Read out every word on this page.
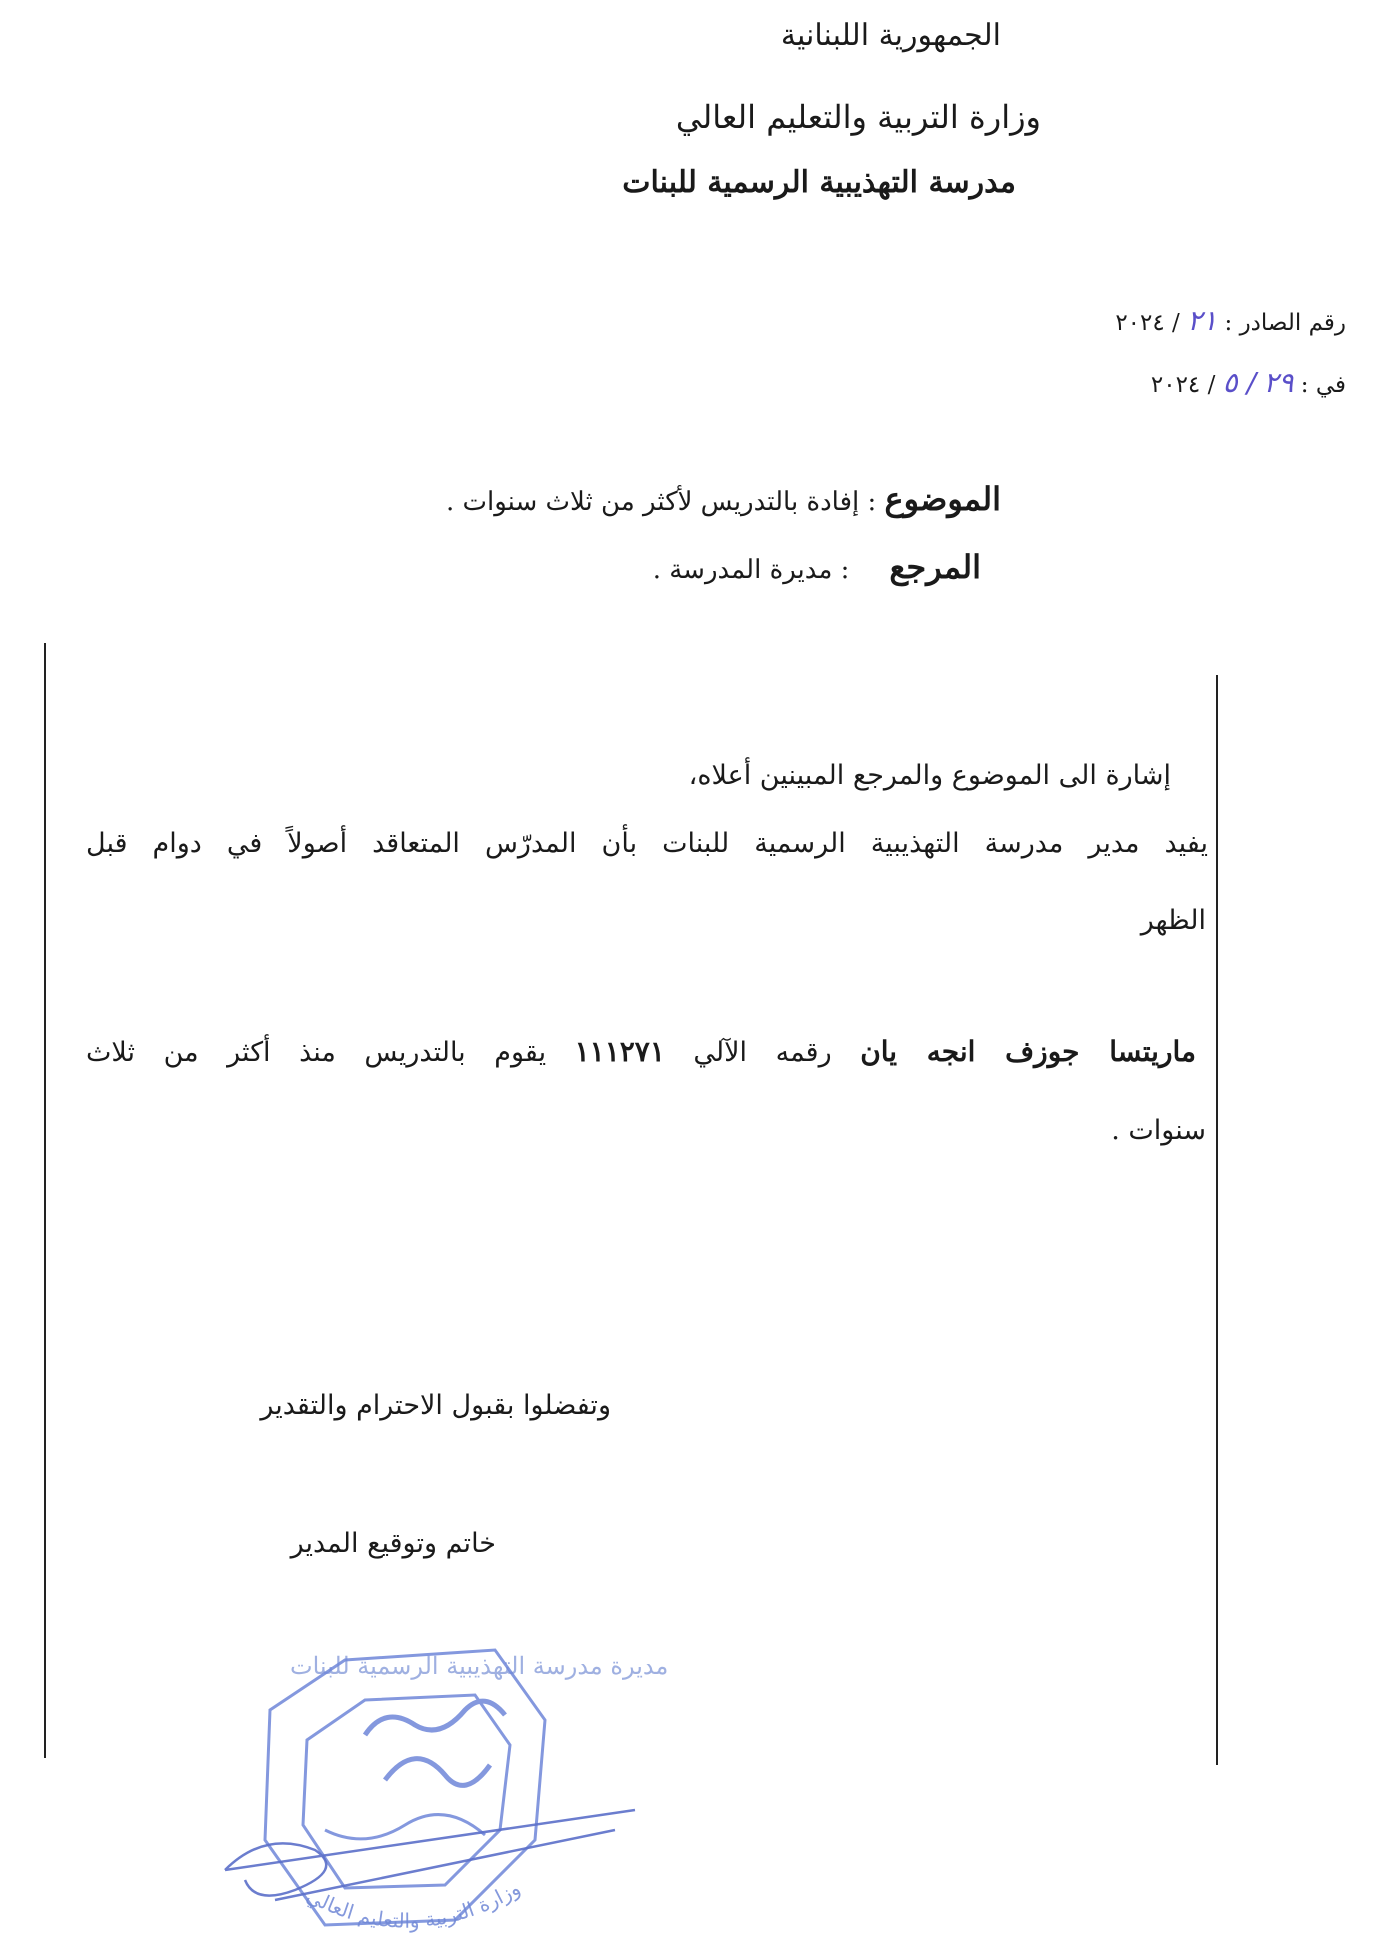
الجمهورية اللبنانية
وزارة التربية والتعليم العالي
مدرسة التهذيبية الرسمية للبنات
رقم الصادر : ٢١ / ٢٠٢٤
في : ٢٩ / ٥ / ٢٠٢٤
الموضوع : إفادة بالتدريس لأكثر من ثلاث سنوات .
المرجع: مديرة المدرسة .
إشارة الى الموضوع والمرجع المبينين أعلاه،
يفيد مدير مدرسة التهذيبية الرسمية للبنات بأن المدرّس المتعاقد أصولاً في دوام قبل
الظهر
ماريتسا جوزف انجه يان رقمه الآلي ١١١٢٧١ يقوم بالتدريس منذ أكثر من ثلاث
سنوات .
وتفضلوا بقبول الاحترام والتقدير
خاتم وتوقيع المدير
مديرة مدرسة التهذيبية الرسمية للبنات
وزارة التربية والتعليم العالي
